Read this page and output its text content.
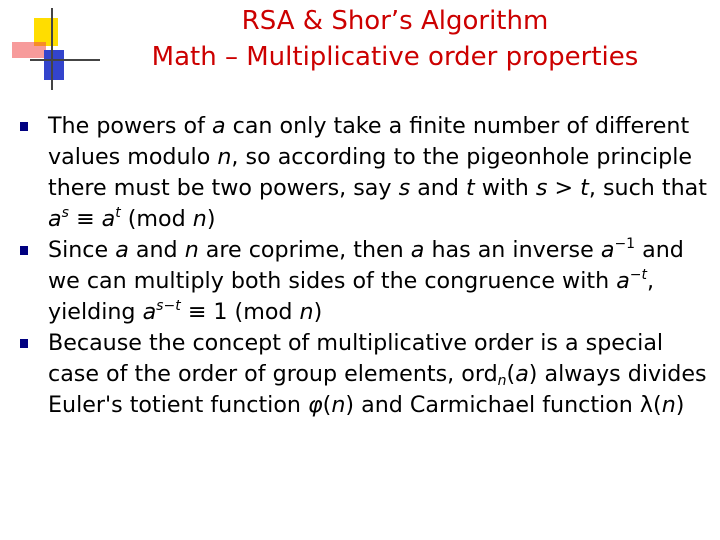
RSA & Shor’s Algorithm
Math – Multiplicative order properties
The powers of a can only take a finite number of different values modulo n, so according to the pigeonhole principle there must be two powers, say s and t with s > t, such that $a^s \equiv a^t$ (mod n)
Since a and n are coprime, then a has an inverse $a^{-1}$ and we can multiply both sides of the congruence with $a^{-t}$, yielding $a^{s-t} \equiv 1$ (mod n)
Because the concept of multiplicative order is a special case of the order of group elements, ord$_n$(a) always divides Euler's totient function φ(n) and Carmichael function λ(n)
